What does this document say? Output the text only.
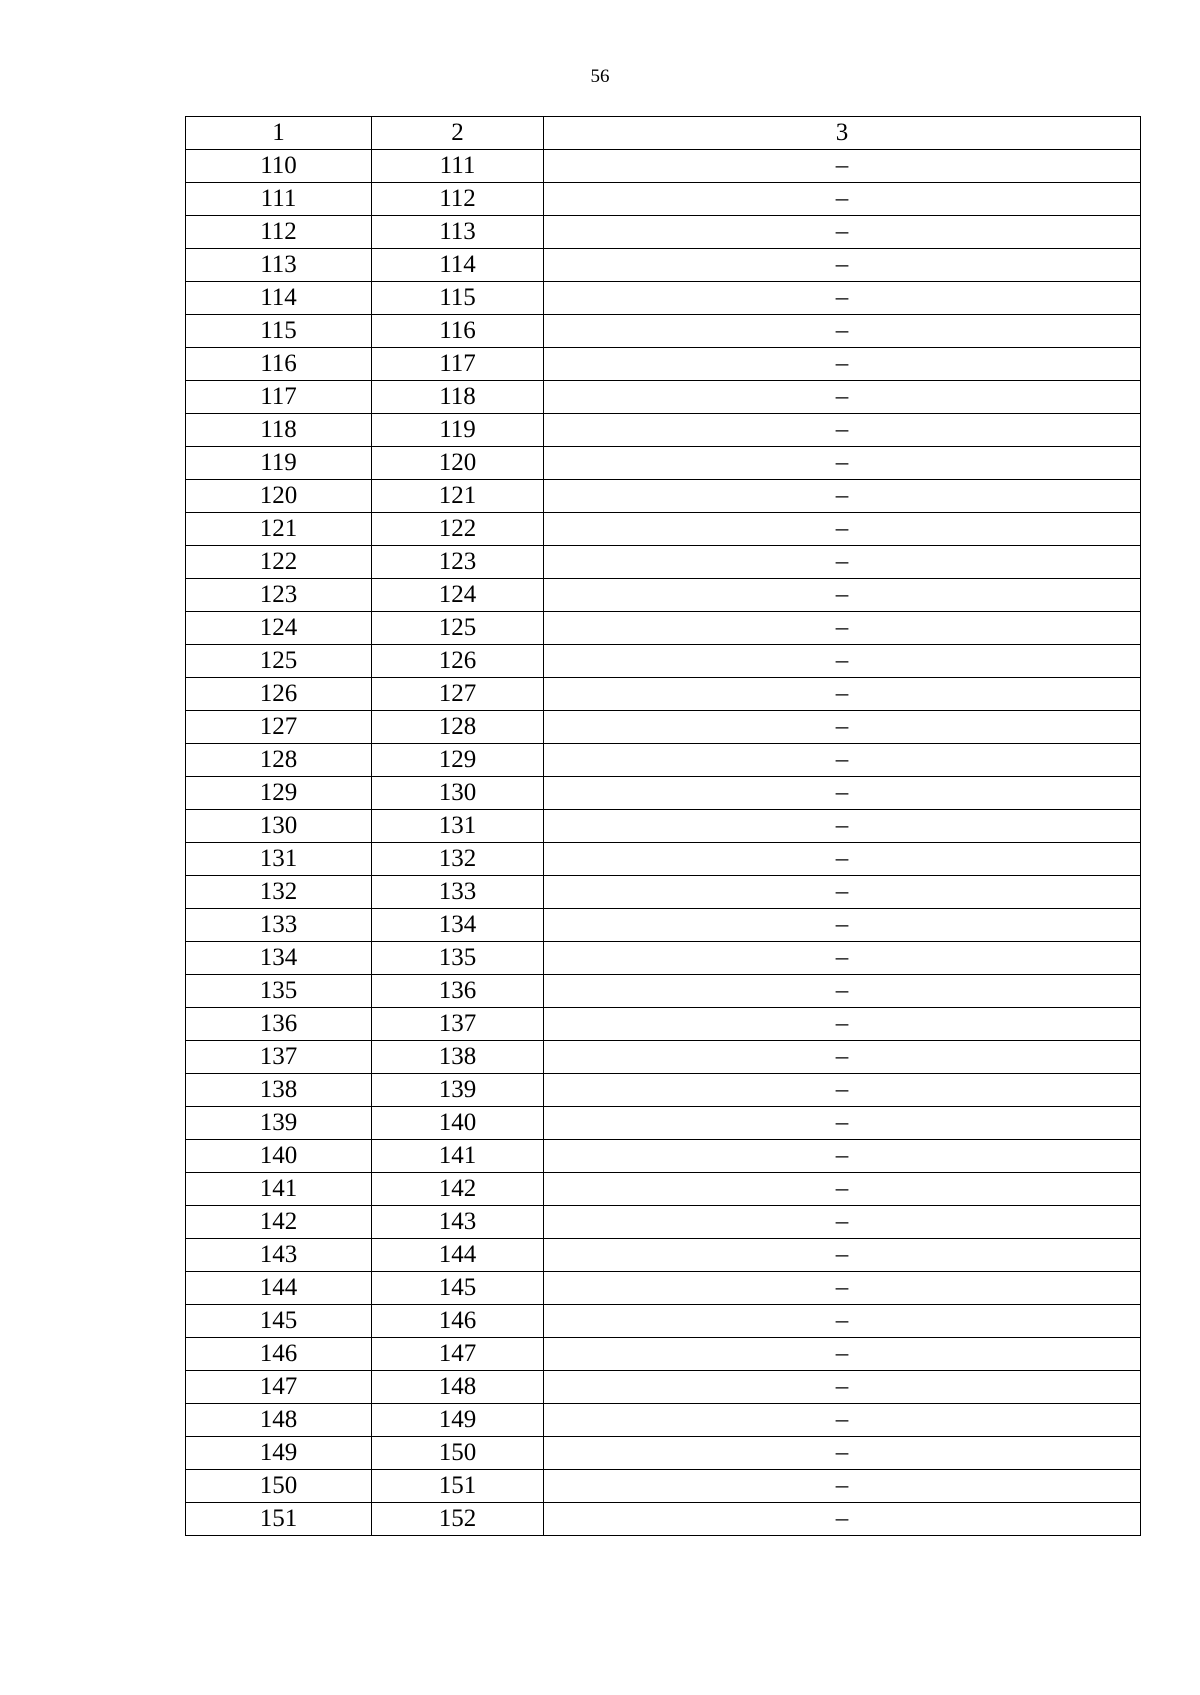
56
1	2	3
110	111	–
111	112	–
112	113	–
113	114	–
114	115	–
115	116	–
116	117	–
117	118	–
118	119	–
119	120	–
120	121	–
121	122	–
122	123	–
123	124	–
124	125	–
125	126	–
126	127	–
127	128	–
128	129	–
129	130	–
130	131	–
131	132	–
132	133	–
133	134	–
134	135	–
135	136	–
136	137	–
137	138	–
138	139	–
139	140	–
140	141	–
141	142	–
142	143	–
143	144	–
144	145	–
145	146	–
146	147	–
147	148	–
148	149	–
149	150	–
150	151	–
151	152	–
